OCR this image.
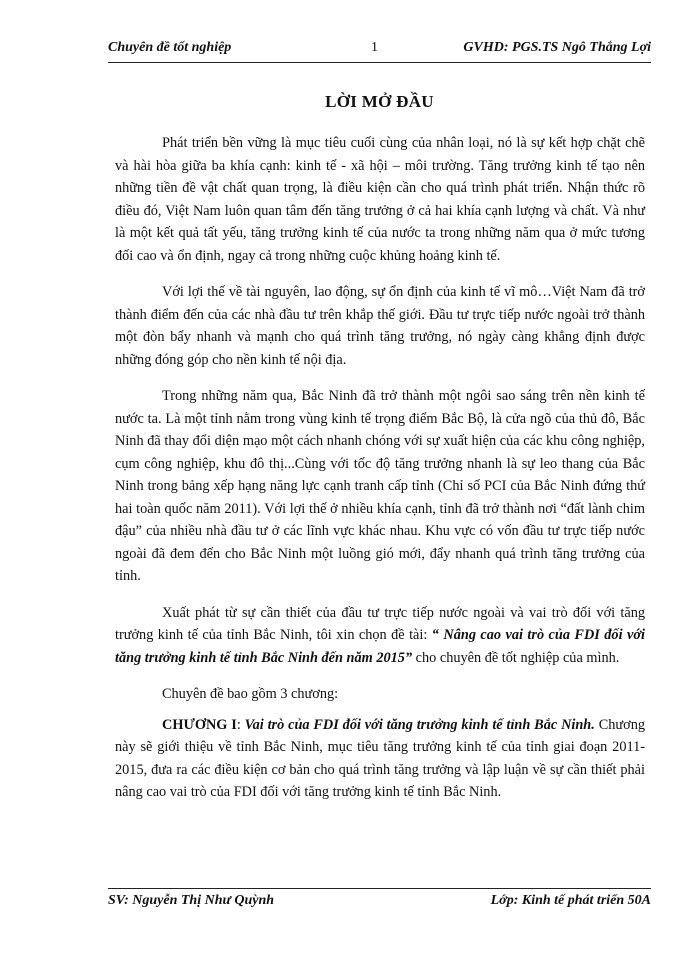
Chuyên đề tốt nghiệp	1	GVHD: PGS.TS Ngô Thắng Lợi
LỜI MỞ ĐẦU

Phát triển bền vững là mục tiêu cuối cùng của nhân loại, nó là sự kết hợp chặt chẽ và hài hòa giữa ba khía cạnh: kinh tế - xã hội – môi trường. Tăng trưởng kinh tế tạo nên những tiền đề vật chất quan trọng, là điều kiện cần cho quá trình phát triển. Nhận thức rõ điều đó, Việt Nam luôn quan tâm đến tăng trưởng ở cả hai khía cạnh lượng và chất. Và như là một kết quả tất yếu, tăng trưởng kinh tế của nước ta trong những năm qua ở mức tương đối cao và ổn định, ngay cả trong những cuộc khủng hoảng kinh tế.

Với lợi thế về tài nguyên, lao động, sự ổn định của kinh tế vĩ mô…Việt Nam đã trở thành điểm đến của các nhà đầu tư trên khắp thế giới. Đầu tư trực tiếp nước ngoài trở thành một đòn bẩy nhanh và mạnh cho quá trình tăng trưởng, nó ngày càng khẳng định được những đóng góp cho nền kinh tế nội địa.

Trong những năm qua, Bắc Ninh đã trở thành một ngôi sao sáng trên nền kinh tế nước ta. Là một tỉnh nằm trong vùng kinh tế trọng điểm Bắc Bộ, là cửa ngõ của thủ đô, Bắc Ninh đã thay đổi diện mạo một cách nhanh chóng với sự xuất hiện của các khu công nghiệp, cụm công nghiệp, khu đô thị...Cùng với tốc độ tăng trưởng nhanh là sự leo thang của Bắc Ninh trong bảng xếp hạng năng lực cạnh tranh cấp tỉnh (Chỉ số PCI của Bắc Ninh đứng thứ hai toàn quốc năm 2011). Với lợi thế ở nhiều khía cạnh, tỉnh đã trở thành nơi “đất lành chim đậu” của nhiều nhà đầu tư ở các lĩnh vực khác nhau. Khu vực có vốn đầu tư trực tiếp nước ngoài đã đem đến cho Bắc Ninh một luồng gió mới, đẩy nhanh quá trình tăng trưởng của tỉnh.

Xuất phát từ sự cần thiết của đầu tư trực tiếp nước ngoài và vai trò đối với tăng trưởng kinh tế của tỉnh Bắc Ninh, tôi xin chọn đề tài: “ Nâng cao vai trò của FDI đối với tăng trưởng kinh tế tỉnh Bắc Ninh đến năm 2015” cho chuyên đề tốt nghiệp của mình.

Chuyên đề bao gồm 3 chương:

CHƯƠNG I: Vai trò của FDI đối với tăng trưởng kinh tế tỉnh Bắc Ninh. Chương này sẽ giới thiệu về tỉnh Bắc Ninh, mục tiêu tăng trưởng kinh tế của tỉnh giai đoạn 2011-2015, đưa ra các điều kiện cơ bản cho quá trình tăng trưởng và lập luận về sự cần thiết phải nâng cao vai trò của FDI đối với tăng trưởng kinh tế tỉnh Bắc Ninh.

SV: Nguyễn Thị Như Quỳnh	Lớp: Kinh tế phát triển 50A
